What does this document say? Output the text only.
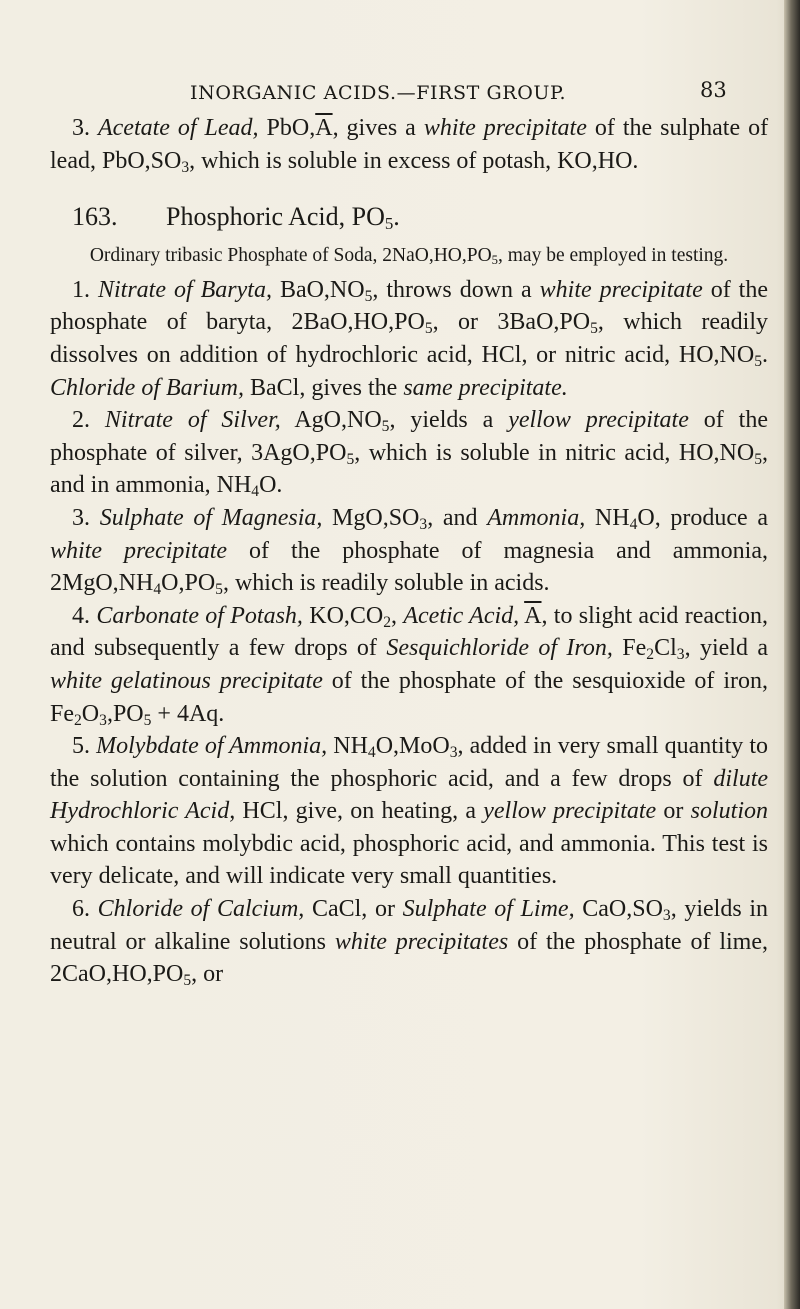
INORGANIC ACIDS.—FIRST GROUP.	83

3. Acetate of Lead, $PbO,\overline{A}$, gives a white precipitate of the sulphate of lead, $PbO,SO_3$, which is soluble in excess of potash, KO,HO.

163. Phosphoric Acid, $PO_5$.

Ordinary tribasic Phosphate of Soda, $2NaO,HO,PO_5$, may be employed in testing.

1. Nitrate of Baryta, $BaO,NO_5$, throws down a white precipitate of the phosphate of baryta, $2BaO,HO,PO_5$, or $3BaO,PO_5$, which readily dissolves on addition of hydrochloric acid, HCl, or nitric acid, $HO,NO_5$. Chloride of Barium, BaCl, gives the same precipitate.

2. Nitrate of Silver, $AgO,NO_5$, yields a yellow precipitate of the phosphate of silver, $3AgO,PO_5$, which is soluble in nitric acid, $HO,NO_5$, and in ammonia, $NH_4O$.

3. Sulphate of Magnesia, $MgO,SO_3$, and Ammonia, $NH_4O$, produce a white precipitate of the phosphate of magnesia and ammonia, $2MgO,NH_4O,PO_5$, which is readily soluble in acids.

4. Carbonate of Potash, $KO,CO_2$, Acetic Acid, $\overline{A}$, to slight acid reaction, and subsequently a few drops of Sesquichloride of Iron, $Fe_2Cl_3$, yield a white gelatinous precipitate of the phosphate of the sesquioxide of iron, $Fe_2O_3,PO_5 + 4Aq$.

5. Molybdate of Ammonia, $NH_4O,MoO_3$, added in very small quantity to the solution containing the phosphoric acid, and a few drops of dilute Hydrochloric Acid, HCl, give, on heating, a yellow precipitate or solution which contains molybdic acid, phosphoric acid, and ammonia. This test is very delicate, and will indicate very small quantities.

6. Chloride of Calcium, CaCl, or Sulphate of Lime, $CaO,SO_3$, yields in neutral or alkaline solutions white precipitates of the phosphate of lime, $2CaO,HO,PO_5$, or
